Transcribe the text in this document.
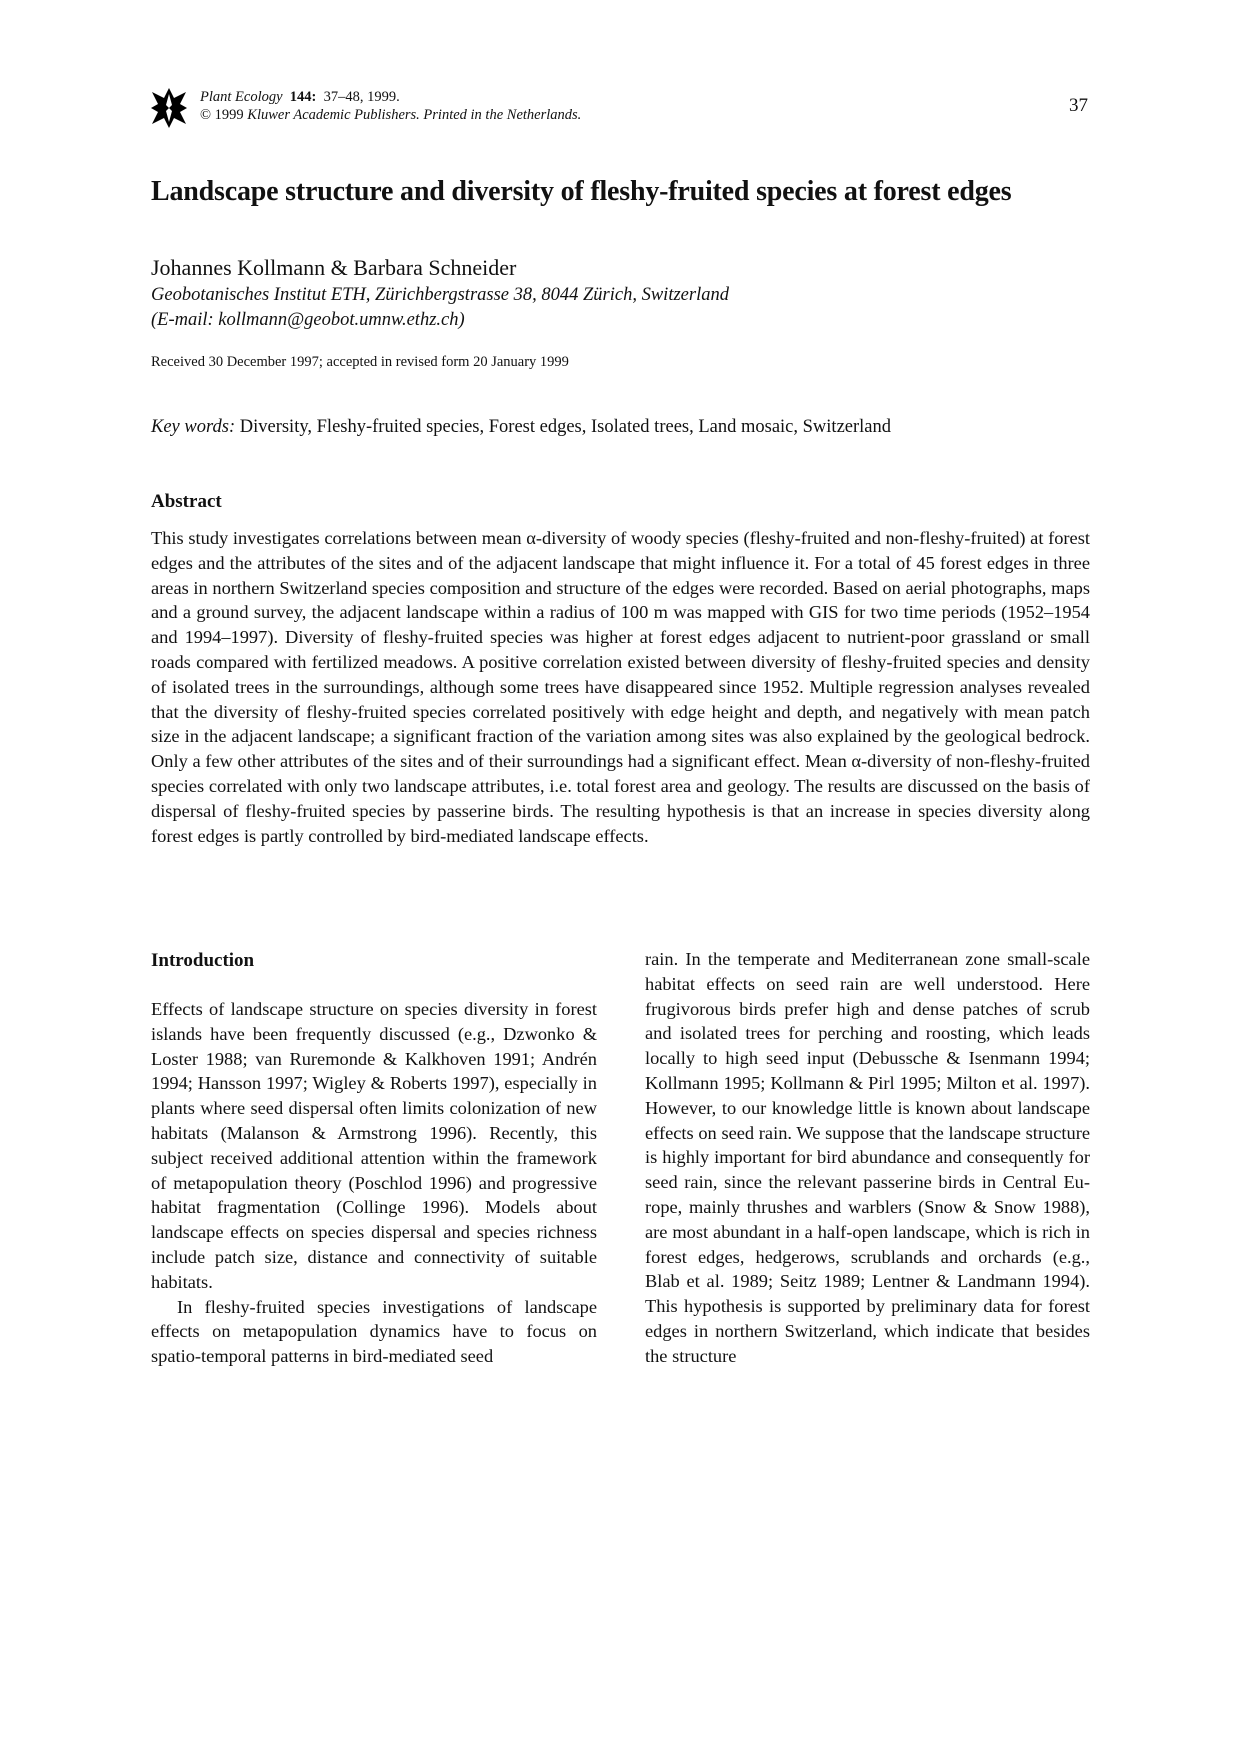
Plant Ecology 144: 37–48, 1999.
© 1999 Kluwer Academic Publishers. Printed in the Netherlands.	37
Landscape structure and diversity of fleshy-fruited species at forest edges
Johannes Kollmann & Barbara Schneider
Geobotanisches Institut ETH, Zürichbergstrasse 38, 8044 Zürich, Switzerland
(E-mail: kollmann@geobot.umnw.ethz.ch)
Received 30 December 1997; accepted in revised form 20 January 1999
Key words: Diversity, Fleshy-fruited species, Forest edges, Isolated trees, Land mosaic, Switzerland
Abstract

This study investigates correlations between mean α-diversity of woody species (fleshy-fruited and non-fleshy-fruited) at forest edges and the attributes of the sites and of the adjacent landscape that might influence it. For a total of 45 forest edges in three areas in northern Switzerland species composition and structure of the edges were recorded. Based on aerial photographs, maps and a ground survey, the adjacent landscape within a radius of 100 m was mapped with GIS for two time periods (1952–1954 and 1994–1997). Diversity of fleshy-fruited species was higher at forest edges adjacent to nutrient-poor grassland or small roads compared with fertilized meadows. A positive correlation existed between diversity of fleshy-fruited species and density of isolated trees in the surroundings, although some trees have disappeared since 1952. Multiple regression analyses revealed that the diversity of fleshy-fruited species correlated positively with edge height and depth, and negatively with mean patch size in the adjacent landscape; a significant fraction of the variation among sites was also explained by the geological bedrock. Only a few other attributes of the sites and of their surroundings had a significant effect. Mean α-diversity of non-fleshy-fruited species correlated with only two landscape attributes, i.e. total forest area and geology. The results are discussed on the basis of dispersal of fleshy-fruited species by passerine birds. The resulting hypothesis is that an increase in species diversity along forest edges is partly controlled by bird-mediated landscape effects.

Introduction

Effects of landscape structure on species diversity in forest islands have been frequently discussed (e.g., Dzwonko & Loster 1988; van Ruremonde & Kalkhoven 1991; Andrén 1994; Hansson 1997; Wigley & Roberts 1997), especially in plants where seed dispersal often limits colonization of new habitats (Malanson & Armstrong 1996). Recently, this subject received additional attention within the framework of metapopulation theory (Poschlod 1996) and progressive habitat fragmentation (Collinge 1996). Models about landscape effects on species dispersal and species richness include patch size, distance and connectivity of suitable habitats.

In fleshy-fruited species investigations of landscape effects on metapopulation dynamics have to focus on spatio-temporal patterns in bird-mediated seed

rain. In the temperate and Mediterranean zone small-scale habitat effects on seed rain are well understood. Here frugivorous birds prefer high and dense patches of scrub and isolated trees for perching and roosting, which leads locally to high seed input (Debussche & Isenmann 1994; Kollmann 1995; Kollmann & Pirl 1995; Milton et al. 1997). However, to our knowledge little is known about landscape effects on seed rain. We suppose that the landscape structure is highly important for bird abundance and consequently for seed rain, since the relevant passerine birds in Central Europe, mainly thrushes and warblers (Snow & Snow 1988), are most abundant in a half-open landscape, which is rich in forest edges, hedgerows, scrublands and orchards (e.g., Blab et al. 1989; Seitz 1989; Lentner & Landmann 1994). This hypothesis is supported by preliminary data for forest edges in northern Switzerland, which indicate that besides the structure
